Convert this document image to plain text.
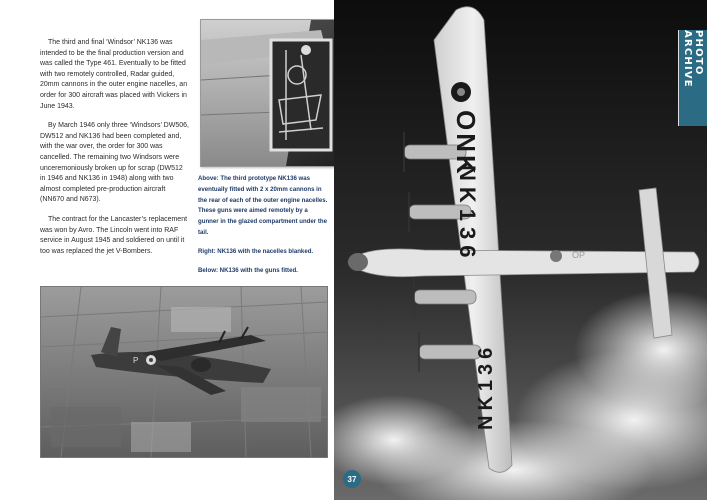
The third and final ‘Windsor’ NK136 was intended to be the final production version and was called the Type 461. Eventually to be fitted with two remotely controlled, Radar guided, 20mm cannons in the outer engine nacelles, an order for 300 aircraft was placed with Vickers in June 1943.

By March 1946 only three ‘Windsors’ DW506, DW512 and NK136 had been completed and, with the war over, the order for 300 was cancelled. The remaining two Windsors were unceremoniously broken up for scrap (DW512 in 1946 and NK136 in 1948) along with two almost completed pre-production aircraft (NN670 and N673).

The contract for the Lancaster’s replacement was won by Avro. The Lincoln went into RAF service in August 1945 and soldiered on until it too was replaced the jet V-Bombers.

Above: The third prototype NK136 was eventually fitted with 2 x 20mm cannons in the rear of each of the outer engine nacelles. These guns were aimed remotely by a gunner in the glazed compartment under the tail.

Right: NK136 with the nacelles blanked.

Below: NK136 with the guns fitted.

P
OP
ONK
NK136
NK136
PHOTO ARCHIVE
37
